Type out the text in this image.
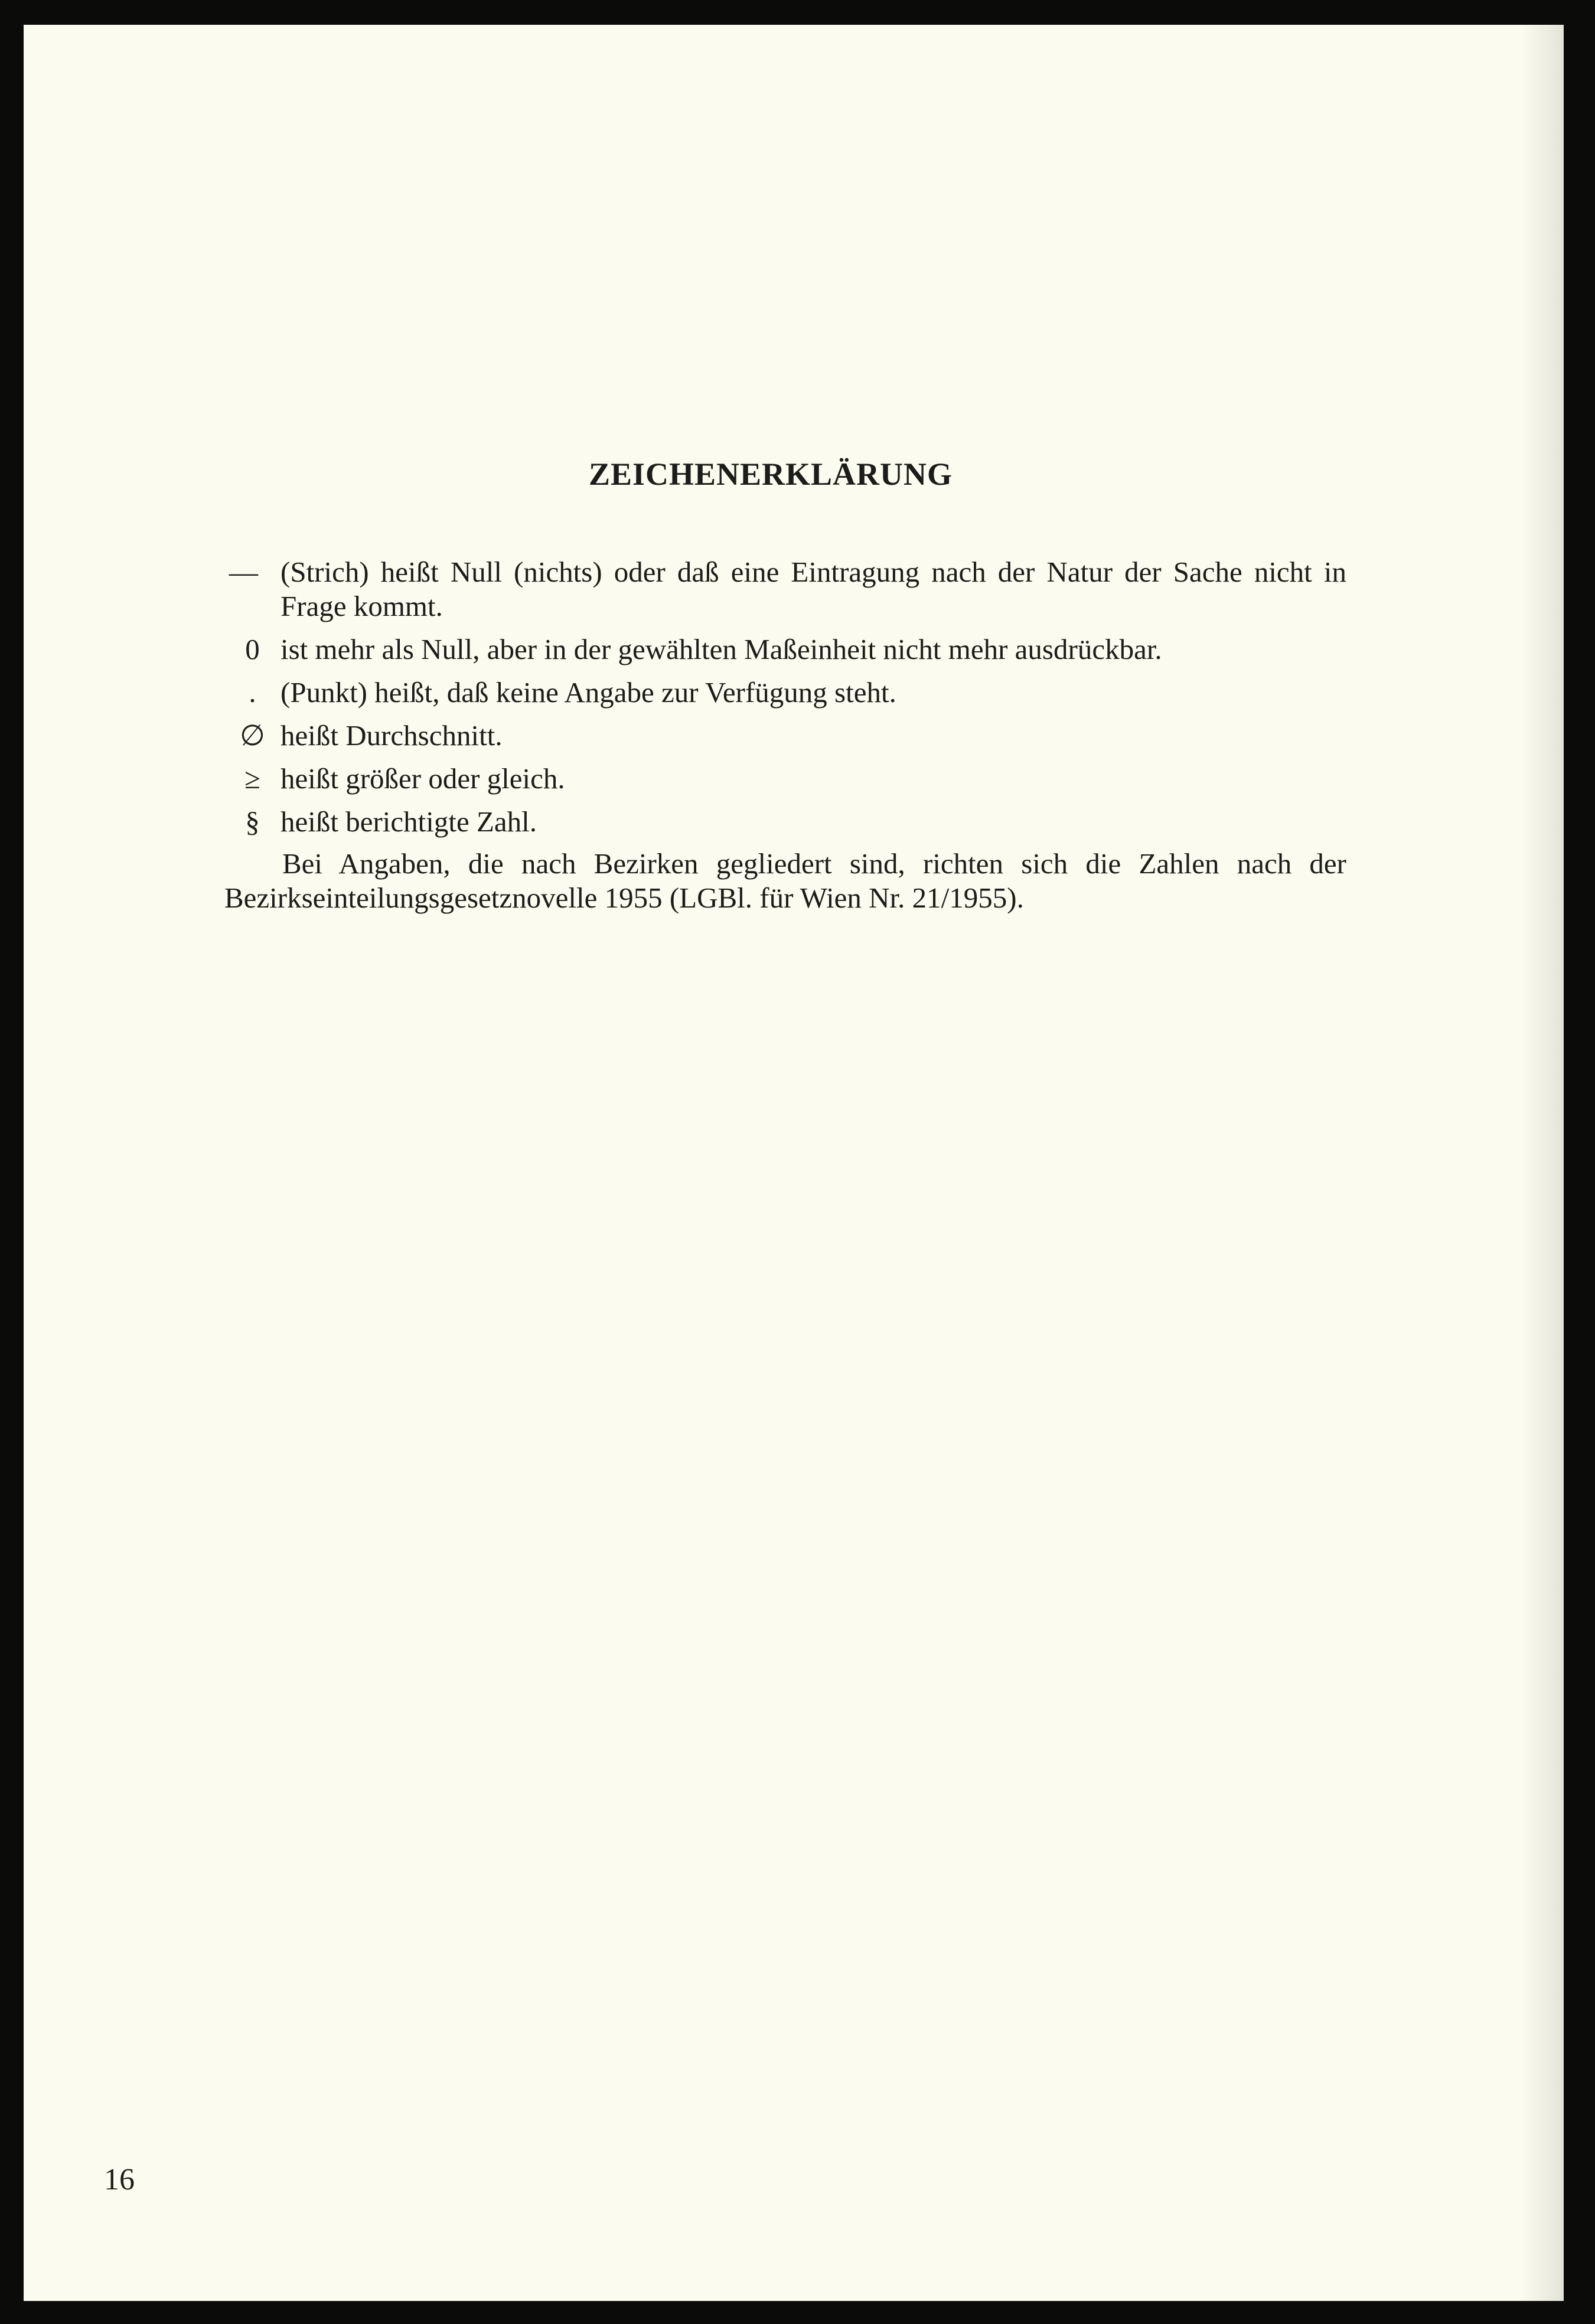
ZEICHENERKLÄRUNG
— (Strich) heißt Null (nichts) oder daß eine Eintragung nach der Natur der Sache nicht in Frage kommt.
0 ist mehr als Null, aber in der gewählten Maßeinheit nicht mehr ausdrückbar.
. (Punkt) heißt, daß keine Angabe zur Verfügung steht.
∅ heißt Durchschnitt.
≥ heißt größer oder gleich.
§ heißt berichtigte Zahl.
Bei Angaben, die nach Bezirken gegliedert sind, richten sich die Zahlen nach der Bezirkseinteilungsgesetznovelle 1955 (LGBl. für Wien Nr. 21/1955).
16
